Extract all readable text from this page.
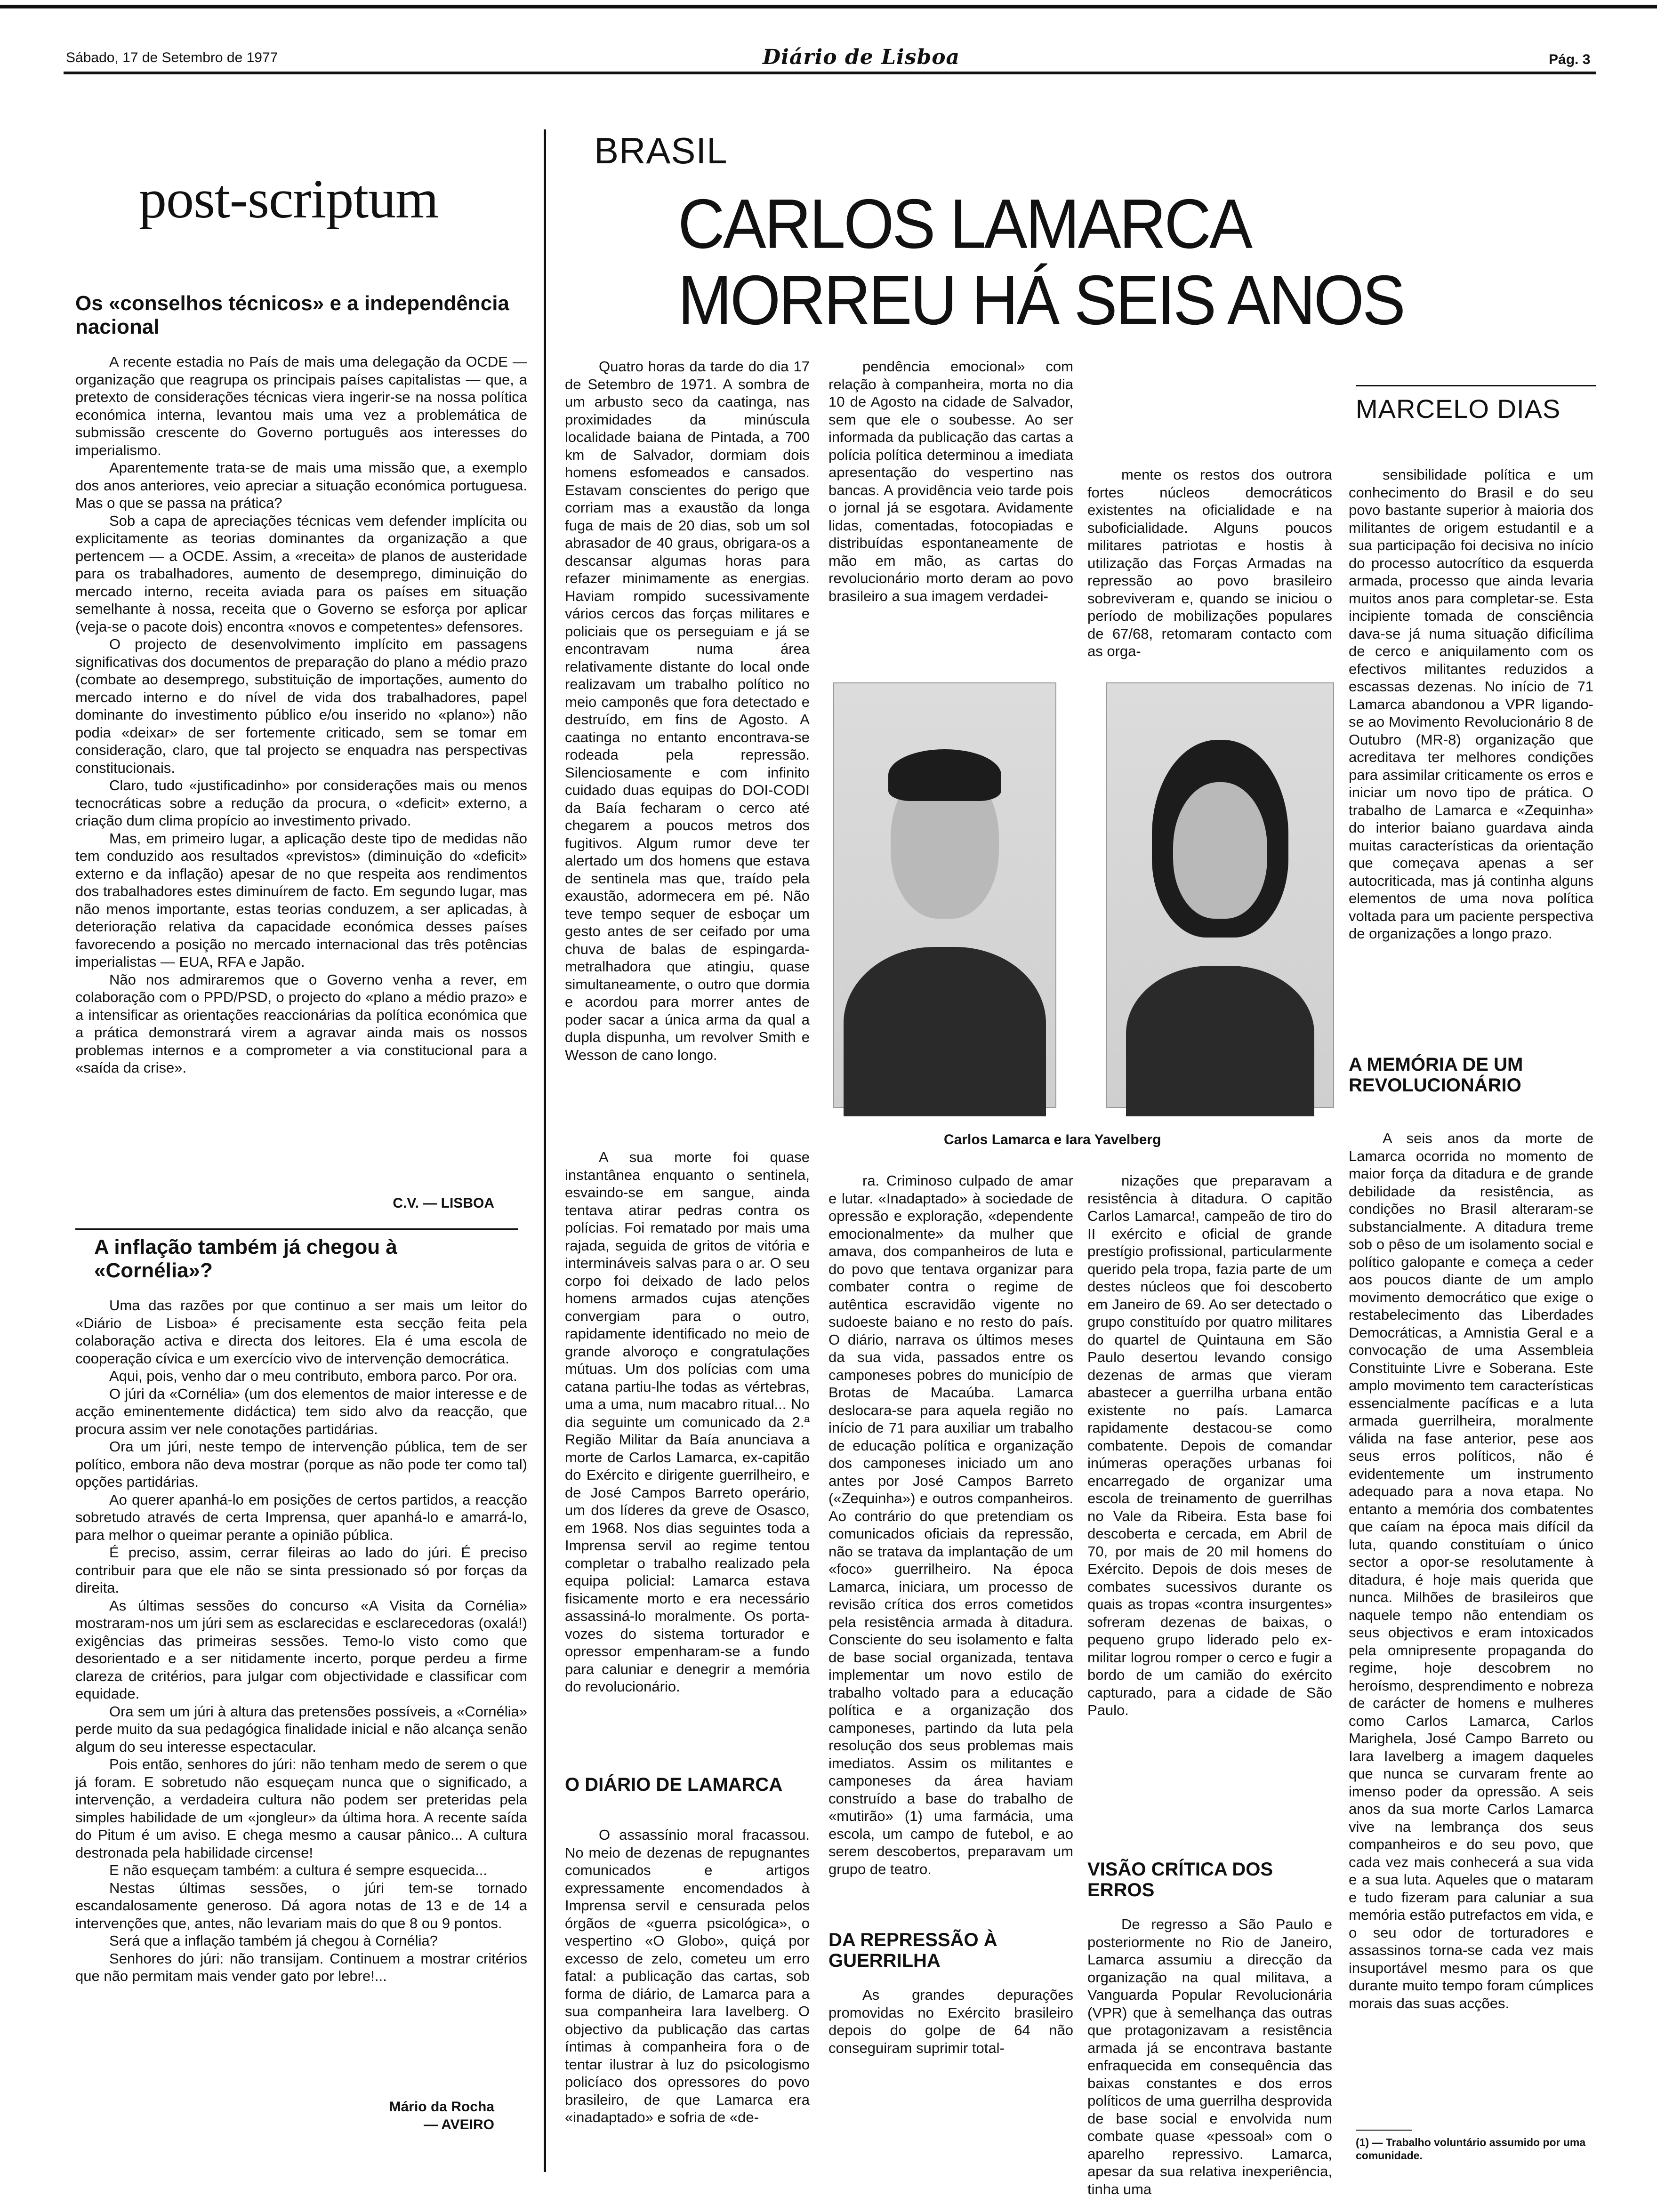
Sábado, 17 de Setembro de 1977	Diário de Lisboa	Pág. 3
post-scriptum
Os «conselhos técnicos» e a independência nacional

A recente estadia no País de mais uma delegação da OCDE — organização que reagrupa os principais países capitalistas — que, a pretexto de considerações técnicas viera ingerir-se na nossa política económica interna, levantou mais uma vez a problemática de submissão crescente do Governo português aos interesses do imperialismo.

Aparentemente trata-se de mais uma missão que, a exemplo dos anos anteriores, veio apreciar a situação económica portuguesa. Mas o que se passa na prática?

Sob a capa de apreciações técnicas vem defender implícita ou explicitamente as teorias dominantes da organização a que pertencem — a OCDE. Assim, a «receita» de planos de austeridade para os trabalhadores, aumento de desemprego, diminuição do mercado interno, receita aviada para os países em situação semelhante à nossa, receita que o Governo se esforça por aplicar (veja-se o pacote dois) encontra «novos e competentes» defensores.

O projecto de desenvolvimento implícito em passagens significativas dos documentos de preparação do plano a médio prazo (combate ao desemprego, substituição de importações, aumento do mercado interno e do nível de vida dos trabalhadores, papel dominante do investimento público e/ou inserido no «plano») não podia «deixar» de ser fortemente criticado, sem se tomar em consideração, claro, que tal projecto se enquadra nas perspectivas constitucionais.

Claro, tudo «justificadinho» por considerações mais ou menos tecnocráticas sobre a redução da procura, o «deficit» externo, a criação dum clima propício ao investimento privado.

Mas, em primeiro lugar, a aplicação deste tipo de medidas não tem conduzido aos resultados «previstos» (diminuição do «deficit» externo e da inflação) apesar de no que respeita aos rendimentos dos trabalhadores estes diminuírem de facto. Em segundo lugar, mas não menos importante, estas teorias conduzem, a ser aplicadas, à deterioração relativa da capacidade económica desses países favorecendo a posição no mercado internacional das três potências imperialistas — EUA, RFA e Japão.

Não nos admiraremos que o Governo venha a rever, em colaboração com o PPD/PSD, o projecto do «plano a médio prazo» e a intensificar as orientações reaccionárias da política económica que a prática demonstrará virem a agravar ainda mais os nossos problemas internos e a comprometer a via constitucional para a «saída da crise».

C.V. — LISBOA
A inflação também já chegou à «Cornélia»?

Uma das razões por que continuo a ser mais um leitor do «Diário de Lisboa» é precisamente esta secção feita pela colaboração activa e directa dos leitores. Ela é uma escola de cooperação cívica e um exercício vivo de intervenção democrática.

Aqui, pois, venho dar o meu contributo, embora parco. Por ora.

O júri da «Cornélia» (um dos elementos de maior interesse e de acção eminentemente didáctica) tem sido alvo da reacção, que procura assim ver nele conotações partidárias.

Ora um júri, neste tempo de intervenção pública, tem de ser político, embora não deva mostrar (porque as não pode ter como tal) opções partidárias.

Ao querer apanhá-lo em posições de certos partidos, a reacção sobretudo através de certa Imprensa, quer apanhá-lo e amarrá-lo, para melhor o queimar perante a opinião pública.

É preciso, assim, cerrar fileiras ao lado do júri. É preciso contribuir para que ele não se sinta pressionado só por forças da direita.

As últimas sessões do concurso «A Visita da Cornélia» mostraram-nos um júri sem as esclarecidas e esclarecedoras (oxalá!) exigências das primeiras sessões. Temo-lo visto como que desorientado e a ser nitidamente incerto, porque perdeu a firme clareza de critérios, para julgar com objectividade e classificar com equidade.

Ora sem um júri à altura das pretensões possíveis, a «Cornélia» perde muito da sua pedagógica finalidade inicial e não alcança senão algum do seu interesse espectacular.

Pois então, senhores do júri: não tenham medo de serem o que já foram. E sobretudo não esqueçam nunca que o significado, a intervenção, a verdadeira cultura não podem ser preteridas pela simples habilidade de um «jongleur» da última hora. A recente saída do Pitum é um aviso. E chega mesmo a causar pânico... A cultura destronada pela habilidade circense!

E não esqueçam também: a cultura é sempre esquecida...

Nestas últimas sessões, o júri tem-se tornado escandalosamente generoso. Dá agora notas de 13 e de 14 a intervenções que, antes, não levariam mais do que 8 ou 9 pontos.

Será que a inflação também já chegou à Cornélia?

Senhores do júri: não transijam. Continuem a mostrar critérios que não permitam mais vender gato por lebre!...

Mário da Rocha
— AVEIRO
BRASIL
CARLOS LAMARCA
MORREU HÁ SEIS ANOS
MARCELO DIAS

Quatro horas da tarde do dia 17 de Setembro de 1971. A sombra de um arbusto seco da caatinga, nas proximidades da minúscula localidade baiana de Pintada, a 700 km de Salvador, dormiam dois homens esfomeados e cansados. Estavam conscientes do perigo que corriam mas a exaustão da longa fuga de mais de 20 dias, sob um sol abrasador de 40 graus, obrigara-os a descansar algumas horas para refazer minimamente as energias. Haviam rompido sucessivamente vários cercos das forças militares e policiais que os perseguiam e já se encontravam numa área relativamente distante do local onde realizavam um trabalho político no meio camponês que fora detectado e destruído, em fins de Agosto. A caatinga no entanto encontrava-se rodeada pela repressão. Silenciosamente e com infinito cuidado duas equipas do DOI-CODI da Baía fecharam o cerco até chegarem a poucos metros dos fugitivos. Algum rumor deve ter alertado um dos homens que estava de sentinela mas que, traído pela exaustão, adormecera em pé. Não teve tempo sequer de esboçar um gesto antes de ser ceifado por uma chuva de balas de espingarda-metralhadora que atingiu, quase simultaneamente, o outro que dormia e acordou para morrer antes de poder sacar a única arma da qual a dupla dispunha, um revolver Smith e Wesson de cano longo.

A sua morte foi quase instantânea enquanto o sentinela, esvaindo-se em sangue, ainda tentava atirar pedras contra os polícias. Foi rematado por mais uma rajada, seguida de gritos de vitória e intermináveis salvas para o ar. O seu corpo foi deixado de lado pelos homens armados cujas atenções convergiam para o outro, rapidamente identificado no meio de grande alvoroço e congratulações mútuas. Um dos polícias com uma catana partiu-lhe todas as vértebras, uma a uma, num macabro ritual... No dia seguinte um comunicado da 2.ª Região Militar da Baía anunciava a morte de Carlos Lamarca, ex-capitão do Exército e dirigente guerrilheiro, e de José Campos Barreto operário, um dos líderes da greve de Osasco, em 1968. Nos dias seguintes toda a Imprensa servil ao regime tentou completar o trabalho realizado pela equipa policial: Lamarca estava fisicamente morto e era necessário assassiná-lo moralmente. Os porta-vozes do sistema torturador e opressor empenharam-se a fundo para caluniar e denegrir a memória do revolucionário.

O DIÁRIO DE LAMARCA

O assassínio moral fracassou. No meio de dezenas de repugnantes comunicados e artigos expressamente encomendados à Imprensa servil e censurada pelos órgãos de «guerra psicológica», o vespertino «O Globo», quiçá por excesso de zelo, cometeu um erro fatal: a publicação das cartas, sob forma de diário, de Lamarca para a sua companheira Iara Iavelberg. O objectivo da publicação das cartas íntimas à companheira fora o de tentar ilustrar à luz do psicologismo policíaco dos opressores do povo brasileiro, de que Lamarca era «inadaptado» e sofria de «de-

pendência emocional» com relação à companheira, morta no dia 10 de Agosto na cidade de Salvador, sem que ele o soubesse. Ao ser informada da publicação das cartas a polícia política determinou a imediata apresentação do vespertino nas bancas. A providência veio tarde pois o jornal já se esgotara. Avidamente lidas, comentadas, fotocopiadas e distribuídas espontaneamente de mão em mão, as cartas do revolucionário morto deram ao povo brasileiro a sua imagem verdadei-

ra. Criminoso culpado de amar e lutar. «Inadaptado» à sociedade de opressão e exploração, «dependente emocionalmente» da mulher que amava, dos companheiros de luta e do povo que tentava organizar para combater contra o regime de autêntica escravidão vigente no sudoeste baiano e no resto do país. O diário, narrava os últimos meses da sua vida, passados entre os camponeses pobres do município de Brotas de Macaúba. Lamarca deslocara-se para aquela região no início de 71 para auxiliar um trabalho de educação política e organização dos camponeses iniciado um ano antes por José Campos Barreto («Zequinha») e outros companheiros. Ao contrário do que pretendiam os comunicados oficiais da repressão, não se tratava da implantação de um «foco» guerrilheiro. Na época Lamarca, iniciara, um processo de revisão crítica dos erros cometidos pela resistência armada à ditadura. Consciente do seu isolamento e falta de base social organizada, tentava implementar um novo estilo de trabalho voltado para a educação política e a organização dos camponeses, partindo da luta pela resolução dos seus problemas mais imediatos. Assim os militantes e camponeses da área haviam construído a base do trabalho de «mutirão» (1) uma farmácia, uma escola, um campo de futebol, e ao serem descobertos, preparavam um grupo de teatro.

DA REPRESSÃO À GUERRILHA

As grandes depurações promovidas no Exército brasileiro depois do golpe de 64 não conseguiram suprimir total-

mente os restos dos outrora fortes núcleos democráticos existentes na oficialidade e na suboficialidade. Alguns poucos militares patriotas e hostis à utilização das Forças Armadas na repressão ao povo brasileiro sobreviveram e, quando se iniciou o período de mobilizações populares de 67/68, retomaram contacto com as orga-

nizações que preparavam a resistência à ditadura. O capitão Carlos Lamarca!, campeão de tiro do II exército e oficial de grande prestígio profissional, particularmente querido pela tropa, fazia parte de um destes núcleos que foi descoberto em Janeiro de 69. Ao ser detectado o grupo constituído por quatro militares do quartel de Quintauna em São Paulo desertou levando consigo dezenas de armas que vieram abastecer a guerrilha urbana então existente no país. Lamarca rapidamente destacou-se como combatente. Depois de comandar inúmeras operações urbanas foi encarregado de organizar uma escola de treinamento de guerrilhas no Vale da Ribeira. Esta base foi descoberta e cercada, em Abril de 70, por mais de 20 mil homens do Exército. Depois de dois meses de combates sucessivos durante os quais as tropas «contra insurgentes» sofreram dezenas de baixas, o pequeno grupo liderado pelo ex-militar logrou romper o cerco e fugir a bordo de um camião do exército capturado, para a cidade de São Paulo.

VISÃO CRÍTICA DOS ERROS

De regresso a São Paulo e posteriormente no Rio de Janeiro, Lamarca assumiu a direcção da organização na qual militava, a Vanguarda Popular Revolucionária (VPR) que à semelhança das outras que protagonizavam a resistência armada já se encontrava bastante enfraquecida em consequência das baixas constantes e dos erros políticos de uma guerrilha desprovida de base social e envolvida num combate quase «pessoal» com o aparelho repressivo. Lamarca, apesar da sua relativa inexperiência, tinha uma

sensibilidade política e um conhecimento do Brasil e do seu povo bastante superior à maioria dos militantes de origem estudantil e a sua participação foi decisiva no início do processo autocrítico da esquerda armada, processo que ainda levaria muitos anos para completar-se. Esta incipiente tomada de consciência dava-se já numa situação dificílima de cerco e aniquilamento com os efectivos militantes reduzidos a escassas dezenas. No início de 71 Lamarca abandonou a VPR ligando-se ao Movimento Revolucionário 8 de Outubro (MR-8) organização que acreditava ter melhores condições para assimilar criticamente os erros e iniciar um novo tipo de prática. O trabalho de Lamarca e «Zequinha» do interior baiano guardava ainda muitas características da orientação que começava apenas a ser autocriticada, mas já continha alguns elementos de uma nova política voltada para um paciente perspectiva de organizações a longo prazo.

A MEMÓRIA DE UM REVOLUCIONÁRIO

A seis anos da morte de Lamarca ocorrida no momento de maior força da ditadura e de grande debilidade da resistência, as condições no Brasil alteraram-se substancialmente. A ditadura treme sob o pêso de um isolamento social e político galopante e começa a ceder aos poucos diante de um amplo movimento democrático que exige o restabelecimento das Liberdades Democráticas, a Amnistia Geral e a convocação de uma Assembleia Constituinte Livre e Soberana. Este amplo movimento tem características essencialmente pacíficas e a luta armada guerrilheira, moralmente válida na fase anterior, pese aos seus erros políticos, não é evidentemente um instrumento adequado para a nova etapa. No entanto a memória dos combatentes que caíam na época mais difícil da luta, quando constituíam o único sector a opor-se resolutamente à ditadura, é hoje mais querida que nunca. Milhões de brasileiros que naquele tempo não entendiam os seus objectivos e eram intoxicados pela omnipresente propaganda do regime, hoje descobrem no heroísmo, desprendimento e nobreza de carácter de homens e mulheres como Carlos Lamarca, Carlos Marighela, José Campo Barreto ou Iara Iavelberg a imagem daqueles que nunca se curvaram frente ao imenso poder da opressão. A seis anos da sua morte Carlos Lamarca vive na lembrança dos seus companheiros e do seu povo, que cada vez mais conhecerá a sua vida e a sua luta. Aqueles que o mataram e tudo fizeram para caluniar a sua memória estão putrefactos em vida, e o seu odor de torturadores e assassinos torna-se cada vez mais insuportável mesmo para os que durante muito tempo foram cúmplices morais das suas acções.

(1) — Trabalho voluntário assumido por uma comunidade.
Carlos Lamarca e Iara Yavelberg
